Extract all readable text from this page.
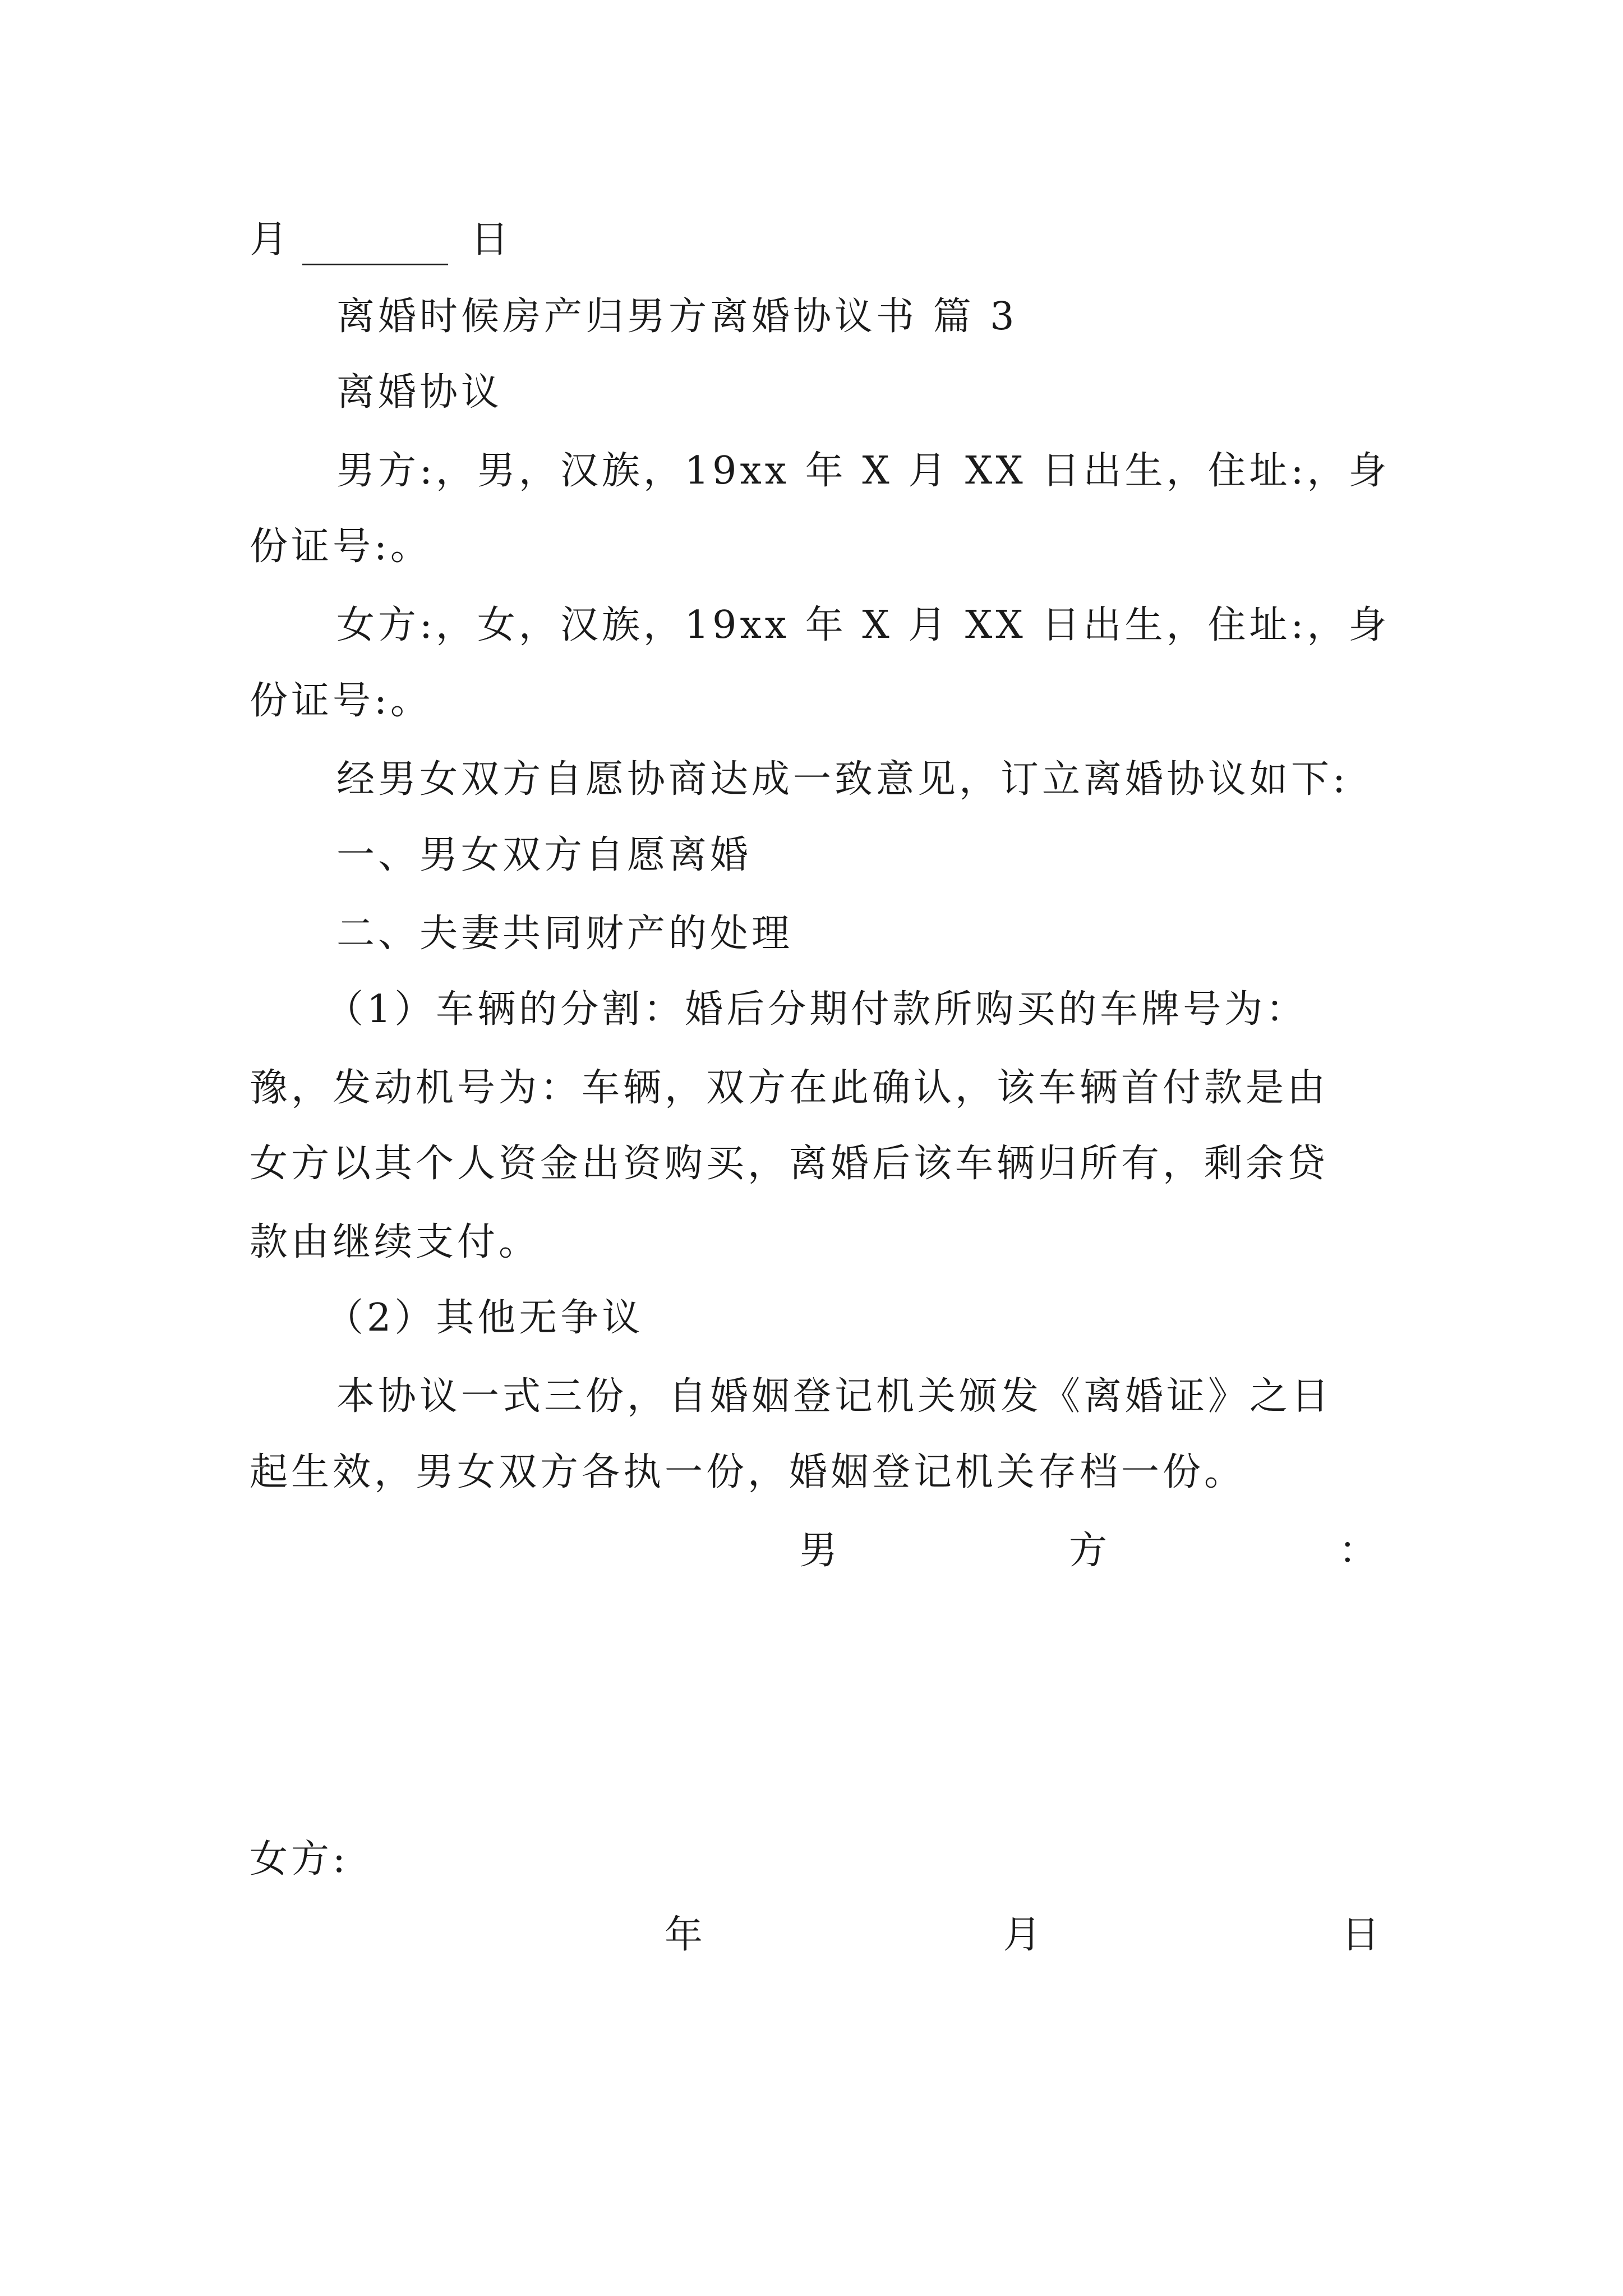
月	日
离婚时候房产归男方离婚协议书 篇 3
离婚协议
男方:，男，汉族，19xx 年 X 月 XX 日出生，住址:，身
份证号:。
女方:，女，汉族，19xx 年 X 月 XX 日出生，住址:，身
份证号:。
经男女双方自愿协商达成一致意见，订立离婚协议如下:
一、男女双方自愿离婚
二、夫妻共同财产的处理
（1）车辆的分割：婚后分期付款所购买的车牌号为：
豫，发动机号为：车辆，双方在此确认，该车辆首付款是由
女方以其个人资金出资购买，离婚后该车辆归所有，剩余贷
款由继续支付。
（2）其他无争议
本协议一式三份，自婚姻登记机关颁发《离婚证》之日
起生效，男女双方各执一份，婚姻登记机关存档一份。
男	方	：
女方:
年	月	日
